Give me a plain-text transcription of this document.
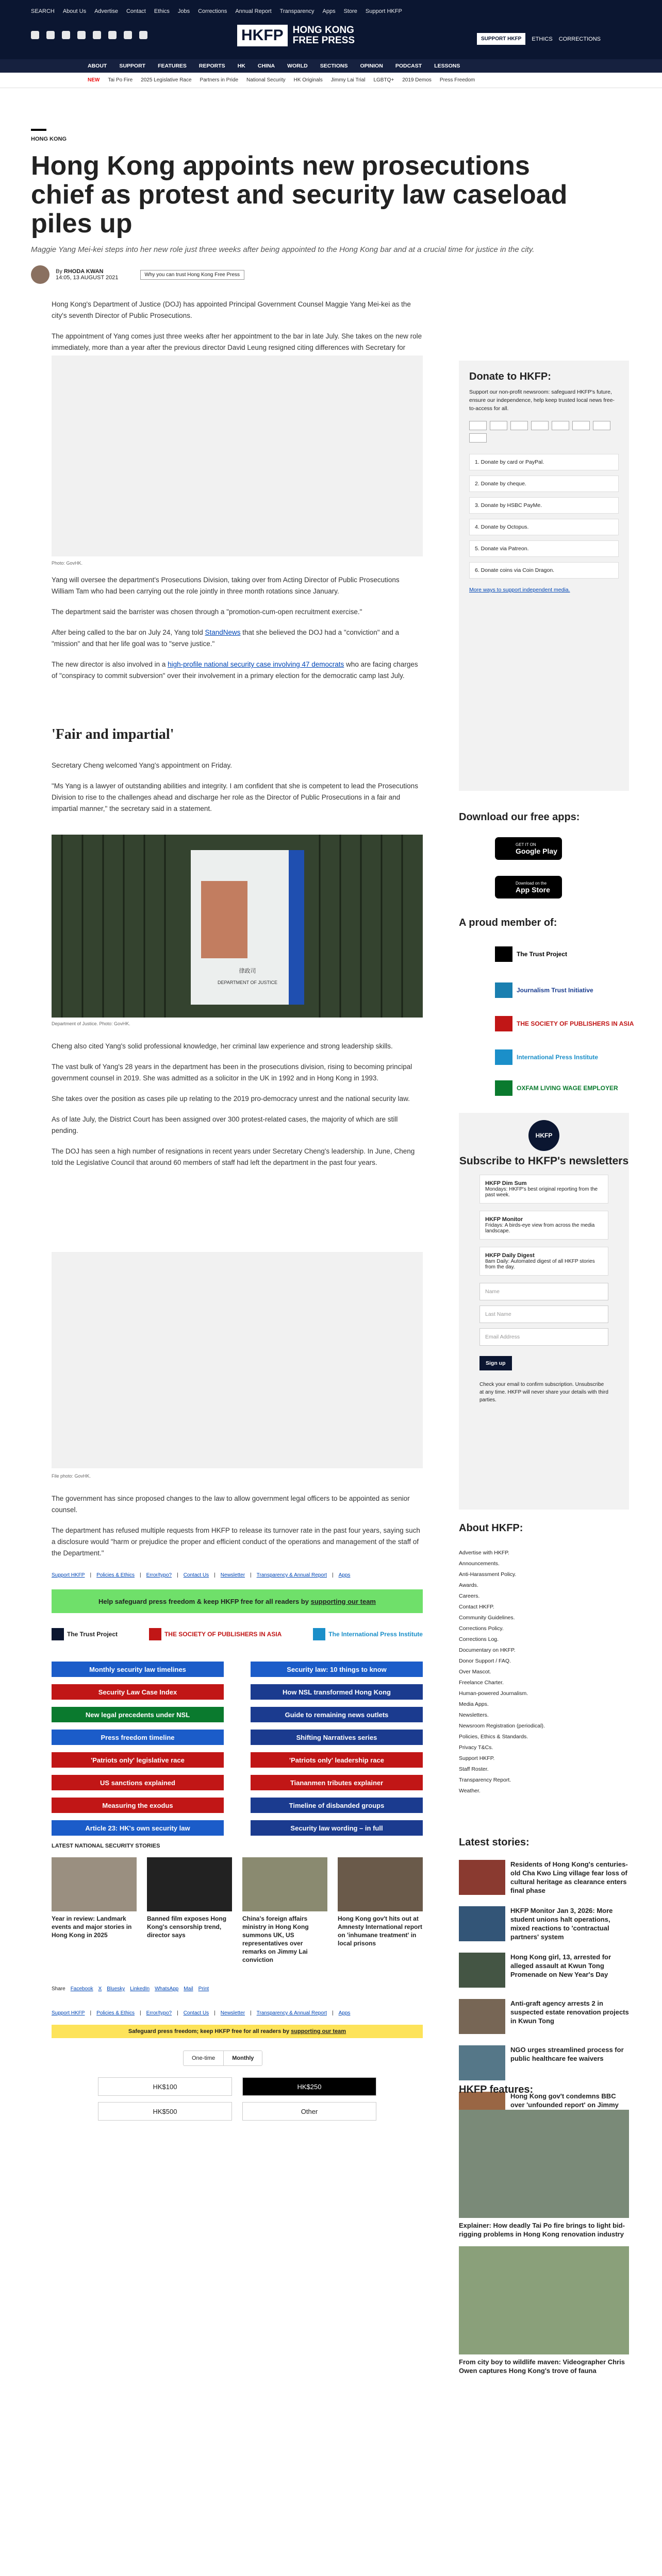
SEARCH About Us Advertise Contact Ethics Jobs Corrections Annual Report Transparency Apps Store Support HKFP
HKFP HONG KONG
FREE PRESS	SUPPORT HKFP	ETHICS CORRECTIONS
ABOUT SUPPORT FEATURES REPORTS HK CHINA WORLD SECTIONS OPINION PODCAST LESSONS
NEW Tai Po Fire 2025 Legislative Race Partners in Pride National Security HK Originals Jimmy Lai Trial LGBTQ+ 2019 Demos Press Freedom
HONG KONG
Hong Kong appoints new prosecutions chief as protest and security law caseload piles up
Maggie Yang Mei-kei steps into her new role just three weeks after being appointed to the Hong Kong bar and at a crucial time for justice in the city.
By RHODA KWAN
14:05, 13 AUGUST 2021	Why you can trust Hong Kong Free Press

Hong Kong's Department of Justice (DOJ) has appointed Principal Government Counsel Maggie Yang Mei-kei as the city's seventh Director of Public Prosecutions.

The appointment of Yang comes just three weeks after her appointment to the bar in late July. She takes on the new role immediately, more than a year after the previous director David Leung resigned citing differences with Secretary for

Photo: GovHK.

Yang will oversee the department's Prosecutions Division, taking over from Acting Director of Public Prosecutions William Tam who had been carrying out the role jointly in three month rotations since January.

The department said the barrister was chosen through a "promotion-cum-open recruitment exercise."

After being called to the bar on July 24, Yang told StandNews that she believed the DOJ had a "conviction" and a "mission" and that her life goal was to "serve justice."

The new director is also involved in a high-profile national security case involving 47 democrats who are facing charges of "conspiracy to commit subversion" over their involvement in a primary election for the democratic camp last July.

'Fair and impartial'

Secretary Cheng welcomed Yang's appointment on Friday.

"Ms Yang is a lawyer of outstanding abilities and integrity. I am confident that she is competent to lead the Prosecutions Division to rise to the challenges ahead and discharge her role as the Director of Public Prosecutions in a fair and impartial manner," the secretary said in a statement.

律政司
DEPARTMENT OF JUSTICE
Department of Justice. Photo: GovHK.

Cheng also cited Yang's solid professional knowledge, her criminal law experience and strong leadership skills.

The vast bulk of Yang's 28 years in the department has been in the prosecutions division, rising to becoming principal government counsel in 2019. She was admitted as a solicitor in the UK in 1992 and in Hong Kong in 1993.

She takes over the position as cases pile up relating to the 2019 pro-democracy unrest and the national security law.

As of late July, the District Court has been assigned over 300 protest-related cases, the majority of which are still pending.

The DOJ has seen a high number of resignations in recent years under Secretary Cheng's leadership. In June, Cheng told the Legislative Council that around 60 members of staff had left the department in the past four years.

File photo: GovHK.

The government has since proposed changes to the law to allow government legal officers to be appointed as senior counsel.

The department has refused multiple requests from HKFP to release its turnover rate in the past four years, saying such a disclosure would "harm or prejudice the proper and efficient conduct of the operations and management of the staff of the Department."

Support HKFP | Policies & Ethics | Error/typo? | Contact Us | Newsletter | Transparency & Annual Report | Apps
Help safeguard press freedom & keep HKFP free for all readers by supporting our team
The Trust Project	THE SOCIETY OF PUBLISHERS IN ASIA	The International Press Institute
Monthly security law timelines	Security law: 10 things to know
Security Law Case Index	How NSL transformed Hong Kong
New legal precedents under NSL	Guide to remaining news outlets
Press freedom timeline	Shifting Narratives series
'Patriots only' legislative race	'Patriots only' leadership race
US sanctions explained	Tiananmen tributes explainer
Measuring the exodus	Timeline of disbanded groups
Article 23: HK's own security law	Security law wording – in full
LATEST NATIONAL SECURITY STORIES
Year in review: Landmark events and major stories in Hong Kong in 2025
Banned film exposes Hong Kong's censorship trend, director says
China's foreign affairs ministry in Hong Kong summons UK, US representatives over remarks on Jimmy Lai conviction
Hong Kong gov't hits out at Amnesty International report on 'inhumane treatment' in local prisons
Share Facebook X Bluesky LinkedIn WhatsApp Mail Print
Support HKFP | Policies & Ethics | Error/typo? | Contact Us | Newsletter | Transparency & Annual Report | Apps
Safeguard press freedom; keep HKFP free for all readers by supporting our team
One-time	Monthly
HK$100	HK$250
HK$500	Other
Donate to HKFP:
Support our non-profit newsroom: safeguard HKFP's future, ensure our independence, help keep trusted local news free-to-access for all.
1. Donate by card or PayPal.
2. Donate by cheque.
3. Donate by HSBC PayMe.
4. Donate by Octopus.
5. Donate via Patreon.
6. Donate coins via Coin Dragon.
More ways to support independent media.
Download our free apps:
GET IT ON
Google Play
Download on the
App Store
A proud member of:
The Trust Project
Journalism Trust Initiative
THE SOCIETY OF PUBLISHERS IN ASIA
International Press Institute
OXFAM LIVING WAGE EMPLOYER
HKFP
Subscribe to HKFP's newsletters
HKFP Dim Sum
Mondays: HKFP's best original reporting from the past week.
HKFP Monitor
Fridays: A birds-eye view from across the media landscape.
HKFP Daily Digest
8am Daily: Automated digest of all HKFP stories from the day.
Name
Last Name
Email Address
Sign up
Check your email to confirm subscription. Unsubscribe at any time. HKFP will never share your details with third parties.
About HKFP:
Advertise with HKFP.
Announcements.
Anti-Harassment Policy.
Awards.
Careers.
Contact HKFP.
Community Guidelines.
Corrections Policy.
Corrections Log.
Documentary on HKFP.
Donor Support / FAQ.
Over Mascot.
Freelance Charter.
Human-powered Journalism.
Media Apps.
Newsletters.
Newsroom Registration (periodical).
Policies, Ethics & Standards.
Privacy T&Cs.
Support HKFP.
Staff Roster.
Transparency Report.
Weather.
Latest stories:
Residents of Hong Kong's centuries-old Cha Kwo Ling village fear loss of cultural heritage as clearance enters final phase
HKFP Monitor Jan 3, 2026: More student unions halt operations, mixed reactions to 'contractual partners' system
Hong Kong girl, 13, arrested for alleged assault at Kwun Tong Promenade on New Year's Day
Anti-graft agency arrests 2 in suspected estate renovation projects in Kwun Tong
NGO urges streamlined process for public healthcare fee waivers
Hong Kong gov't condemns BBC over 'unfounded report' on Jimmy
HKFP features:
Explainer: How deadly Tai Po fire brings to light bid-rigging problems in Hong Kong renovation industry
From city boy to wildlife maven: Videographer Chris Owen captures Hong Kong's trove of fauna
